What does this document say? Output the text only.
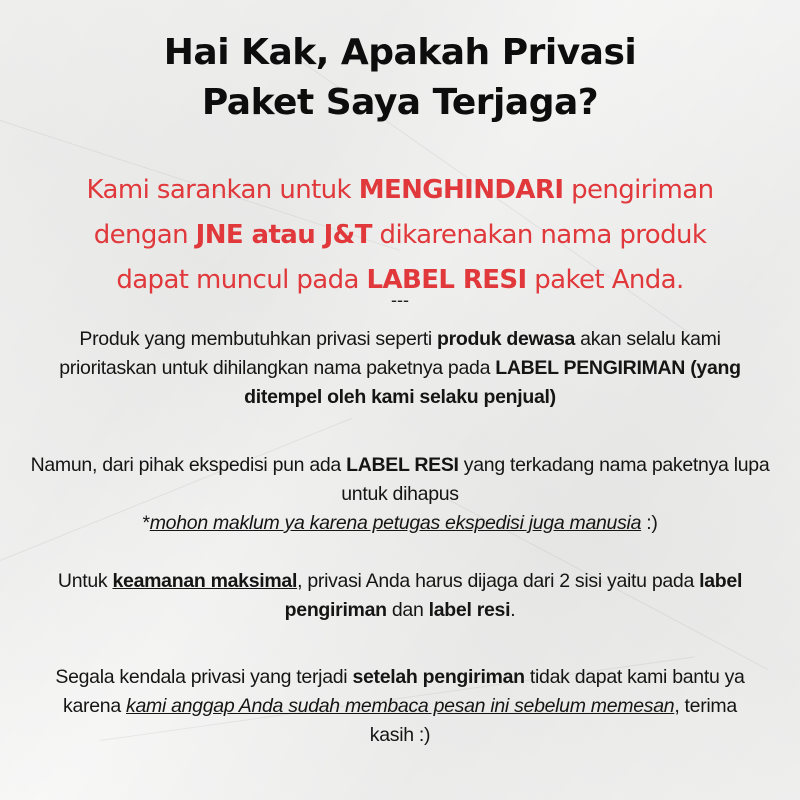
Hai Kak, Apakah Privasi
Paket Saya Terjaga?
Kami sarankan untuk MENGHINDARI pengiriman
dengan JNE atau J&T dikarenakan nama produk
dapat muncul pada LABEL RESI paket Anda.
---
Produk yang membutuhkan privasi seperti produk dewasa akan selalu kami prioritaskan untuk dihilangkan nama paketnya pada LABEL PENGIRIMAN (yang ditempel oleh kami selaku penjual)
Namun, dari pihak ekspedisi pun ada LABEL RESI yang terkadang nama paketnya lupa untuk dihapus
*mohon maklum ya karena petugas ekspedisi juga manusia :)
Untuk keamanan maksimal, privasi Anda harus dijaga dari 2 sisi yaitu pada label pengiriman dan label resi.
Segala kendala privasi yang terjadi setelah pengiriman tidak dapat kami bantu ya karena kami anggap Anda sudah membaca pesan ini sebelum memesan, terima kasih :)
